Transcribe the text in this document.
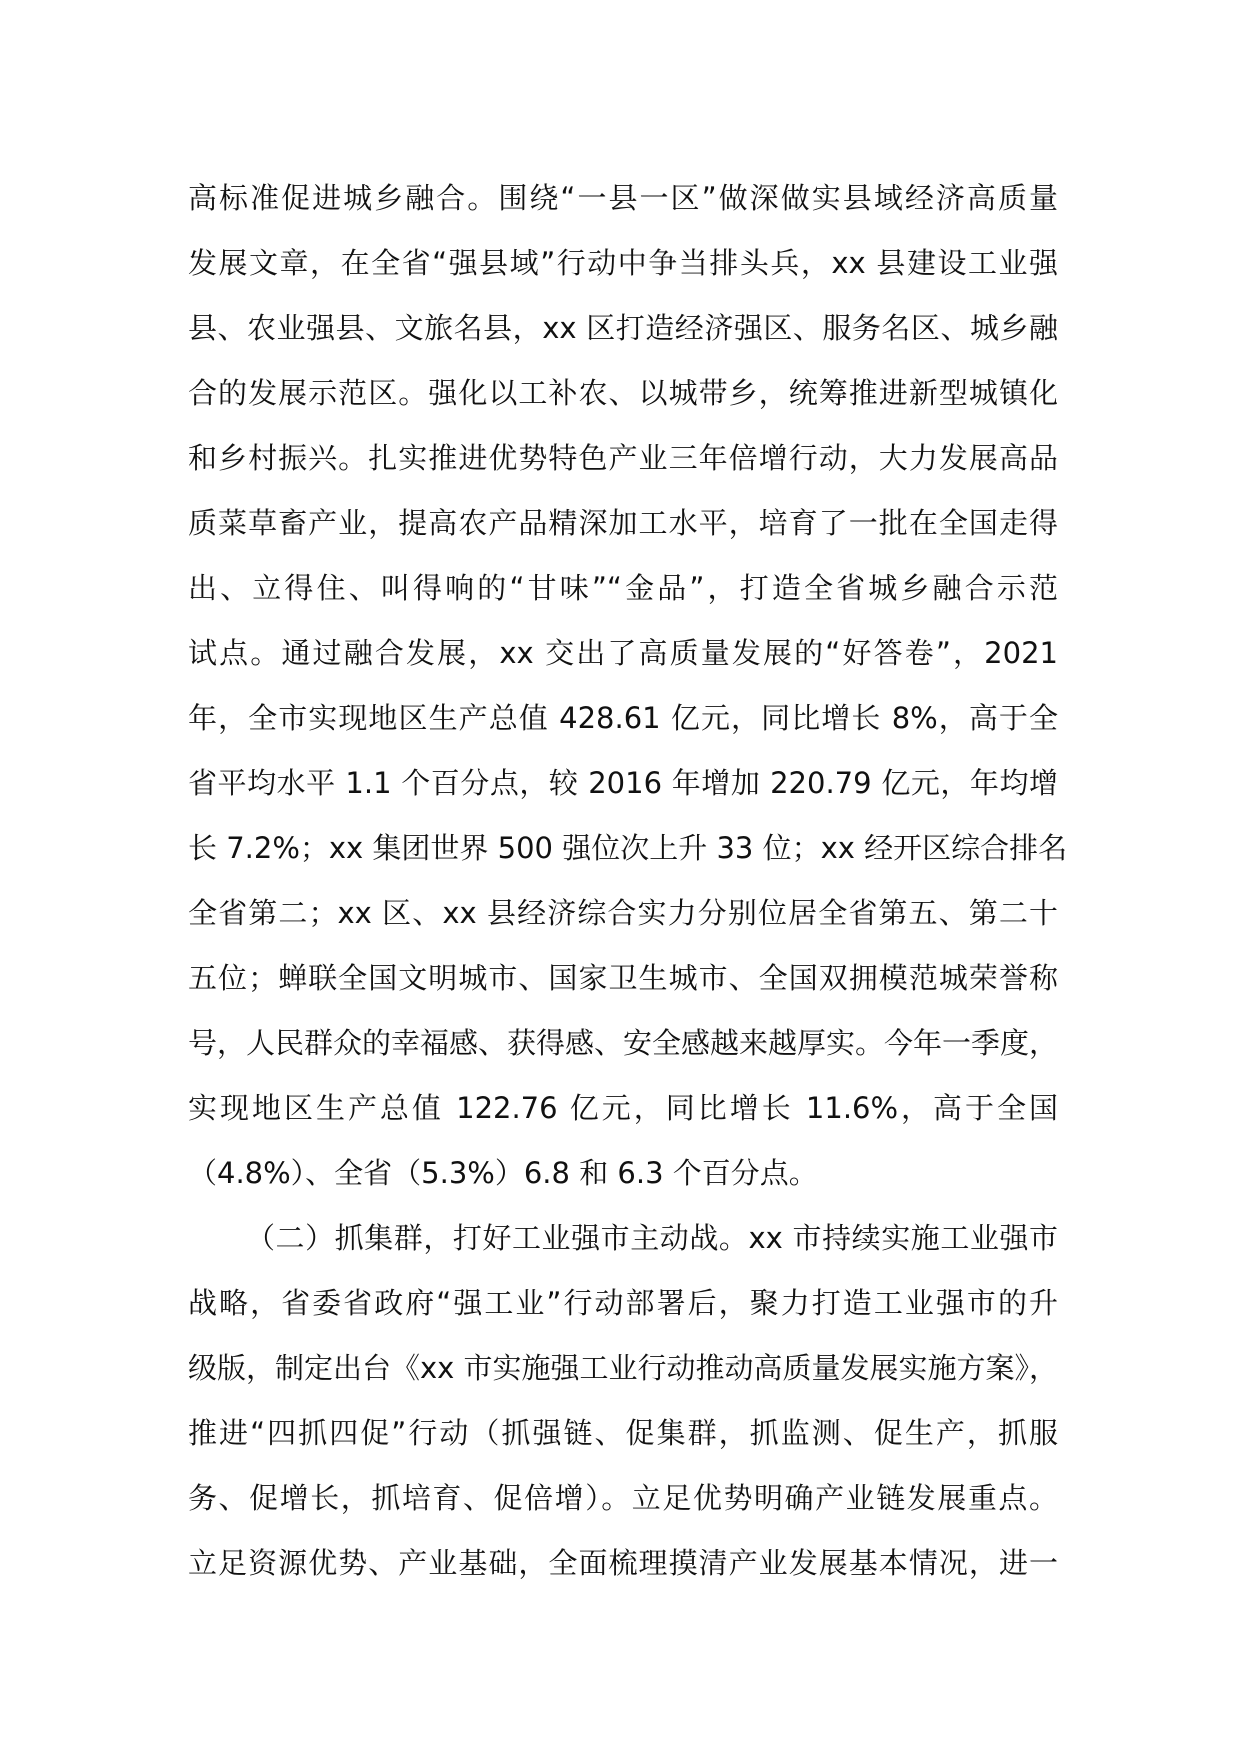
高标准促进城乡融合。围绕“一县一区”做深做实县域经济高质量
发展文章，在全省“强县域”行动中争当排头兵，xx 县建设工业强
县、农业强县、文旅名县，xx 区打造经济强区、服务名区、城乡融
合的发展示范区。强化以工补农、以城带乡，统筹推进新型城镇化
和乡村振兴。扎实推进优势特色产业三年倍增行动，大力发展高品
质菜草畜产业，提高农产品精深加工水平，培育了一批在全国走得
出、立得住、叫得响的“甘味”“金品”，打造全省城乡融合示范
试点。通过融合发展，xx 交出了高质量发展的“好答卷”，2021
年，全市实现地区生产总值 428.61 亿元，同比增长 8%，高于全
省平均水平 1.1 个百分点，较 2016 年增加 220.79 亿元，年均增
长 7.2%；xx 集团世界 500 强位次上升 33 位；xx 经开区综合排名
全省第二；xx 区、xx 县经济综合实力分别位居全省第五、第二十
五位；蝉联全国文明城市、国家卫生城市、全国双拥模范城荣誉称
号，人民群众的幸福感、获得感、安全感越来越厚实。今年一季度，
实现地区生产总值 122.76 亿元，同比增长 11.6%，高于全国
（4.8%）、全省（5.3%）6.8 和 6.3 个百分点。
（二）抓集群，打好工业强市主动战。xx 市持续实施工业强市
战略，省委省政府“强工业”行动部署后，聚力打造工业强市的升
级版，制定出台《xx 市实施强工业行动推动高质量发展实施方案》，
推进“四抓四促”行动（抓强链、促集群，抓监测、促生产，抓服
务、促增长，抓培育、促倍增）。立足优势明确产业链发展重点。
立足资源优势、产业基础，全面梳理摸清产业发展基本情况，进一
